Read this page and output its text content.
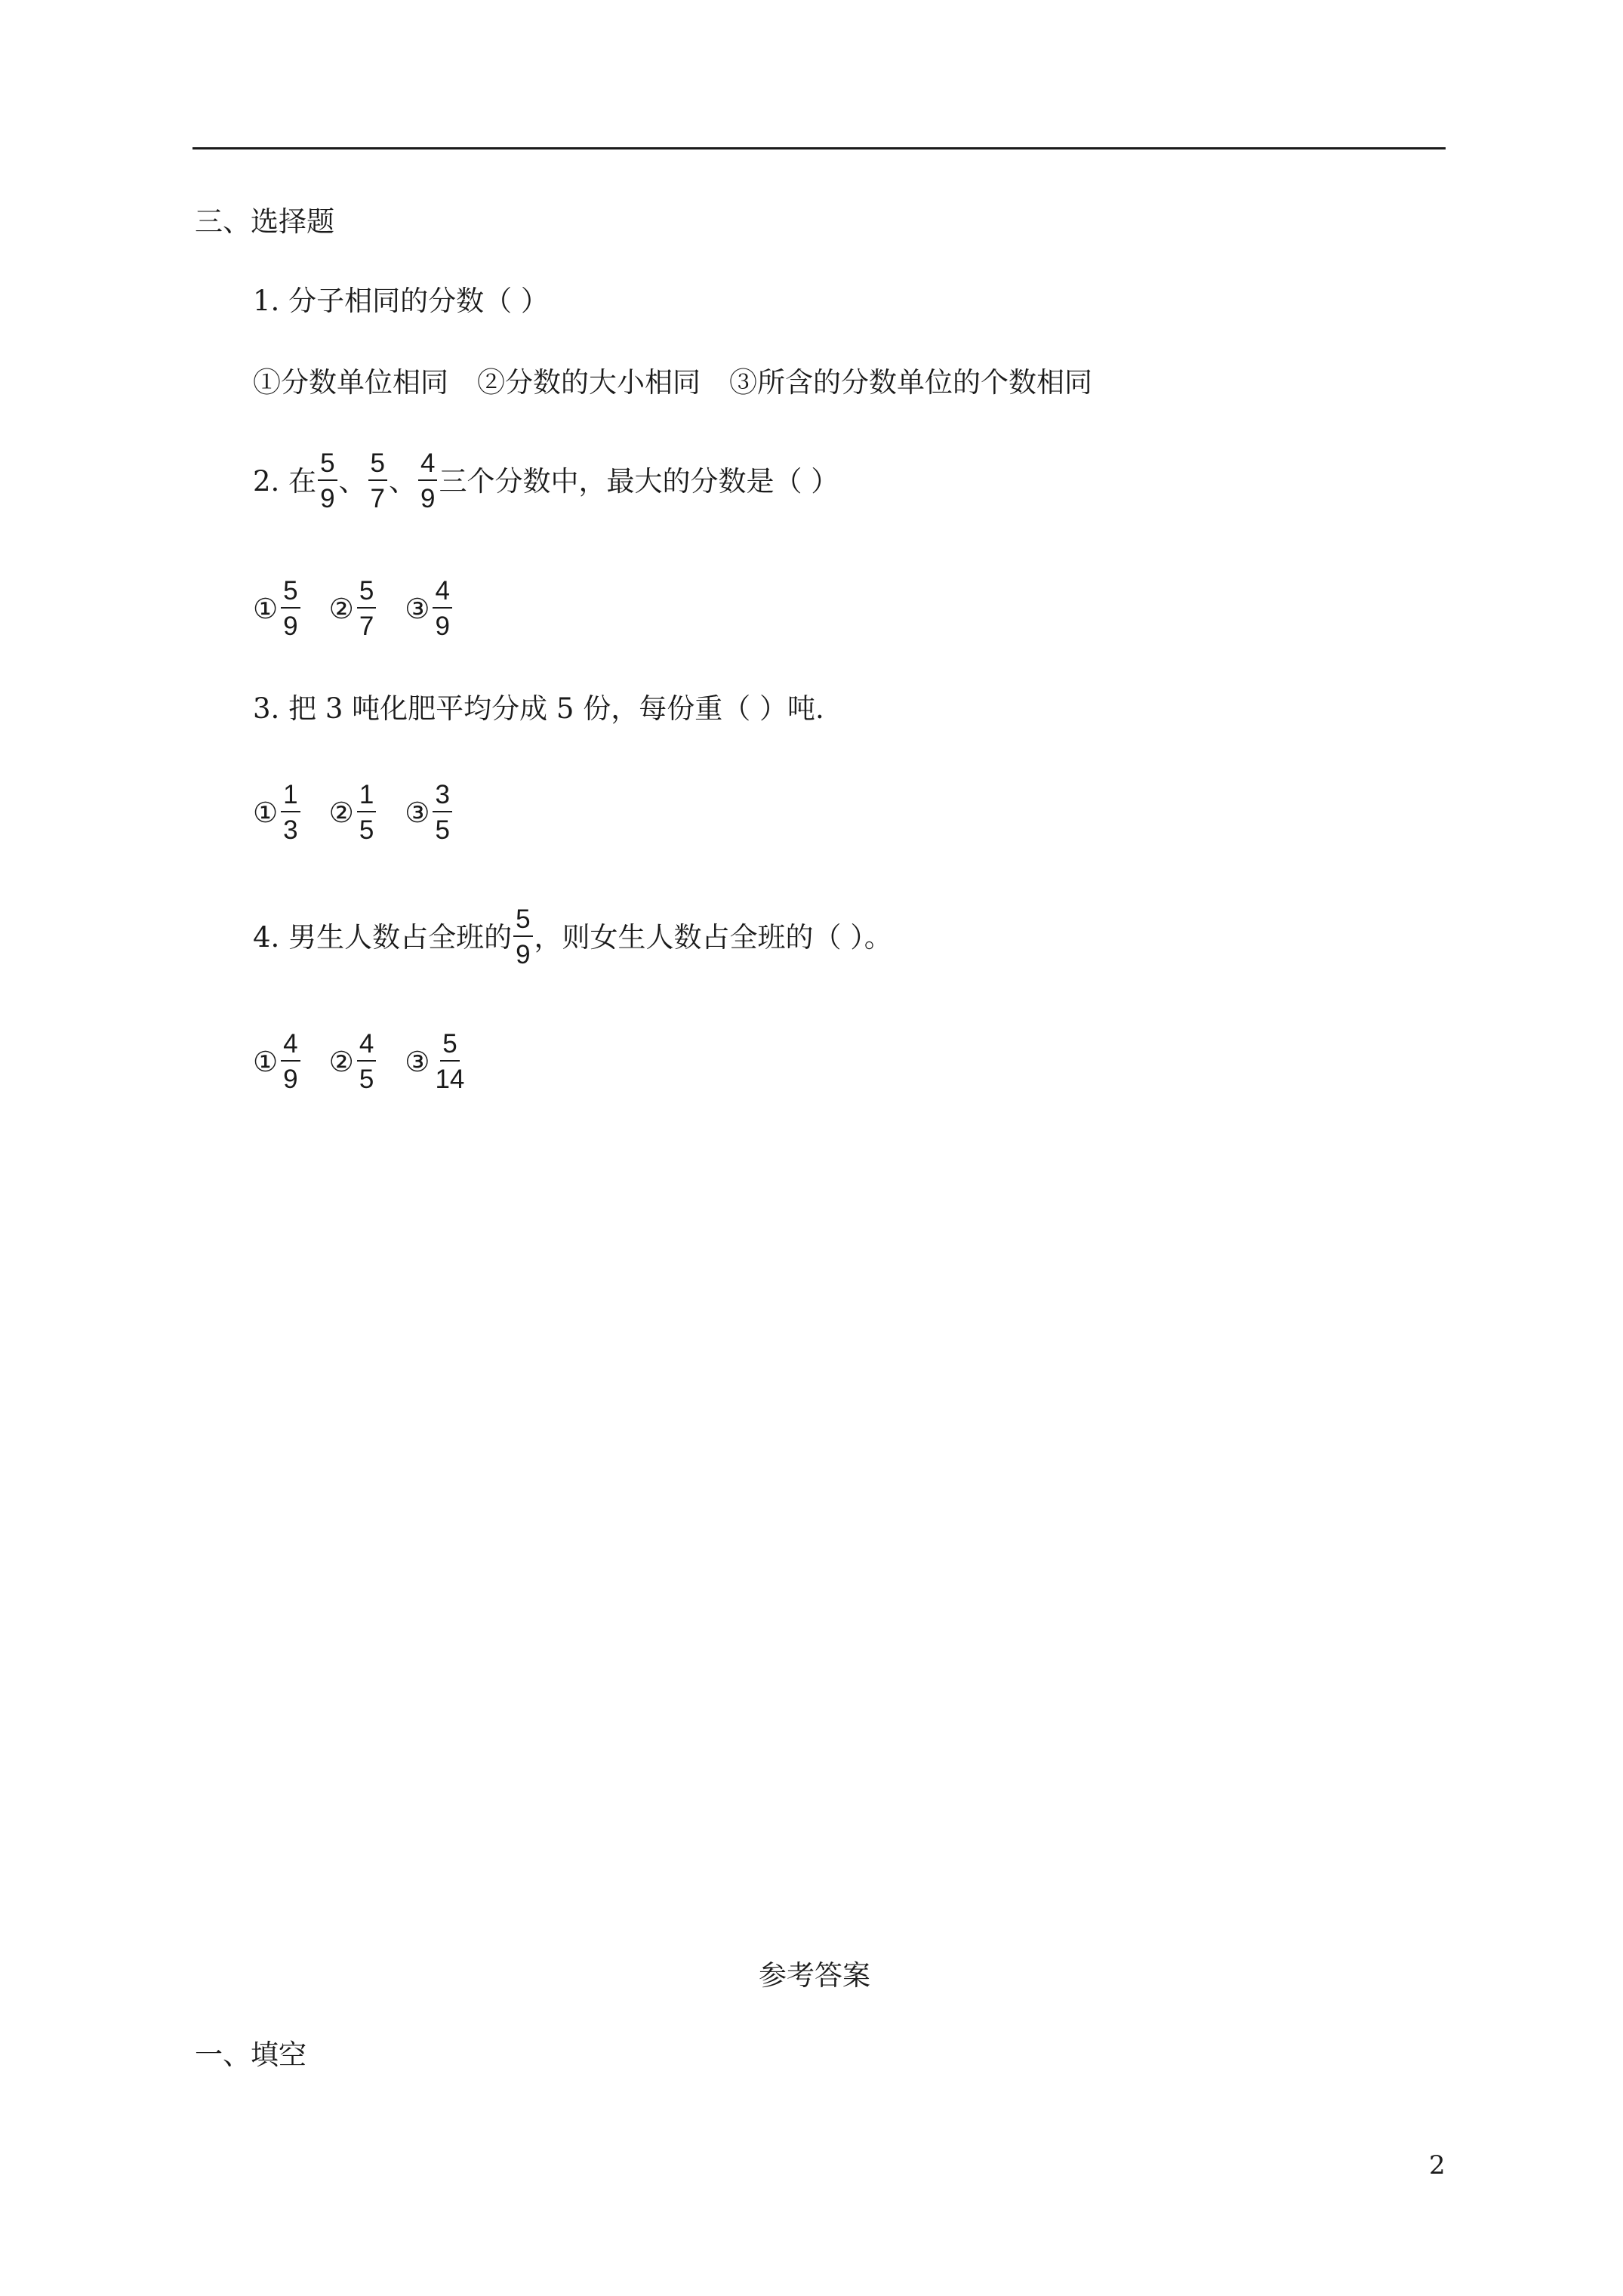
三、选择题
1. 分子相同的分数（ ）
①分数单位相同 ②分数的大小相同 ③所含的分数单位的个数相同
2. 在 $\frac{5}{9}$ 、 $\frac{5}{7}$ 、 $\frac{4}{9}$ 三个分数中，最大的分数是（ ）
① $\frac{5}{9}$ ② $\frac{5}{7}$ ③ $\frac{4}{9}$
3. 把 3 吨化肥平均分成 5 份，每份重（ ）吨.
① $\frac{1}{3}$ ② $\frac{1}{5}$ ③ $\frac{3}{5}$
4. 男生人数占全班的 $\frac{5}{9}$ ，则女生人数占全班的（ ）。
① $\frac{4}{9}$ ② $\frac{4}{5}$ ③ $\frac{5}{14}$
参考答案
一、填空
2
